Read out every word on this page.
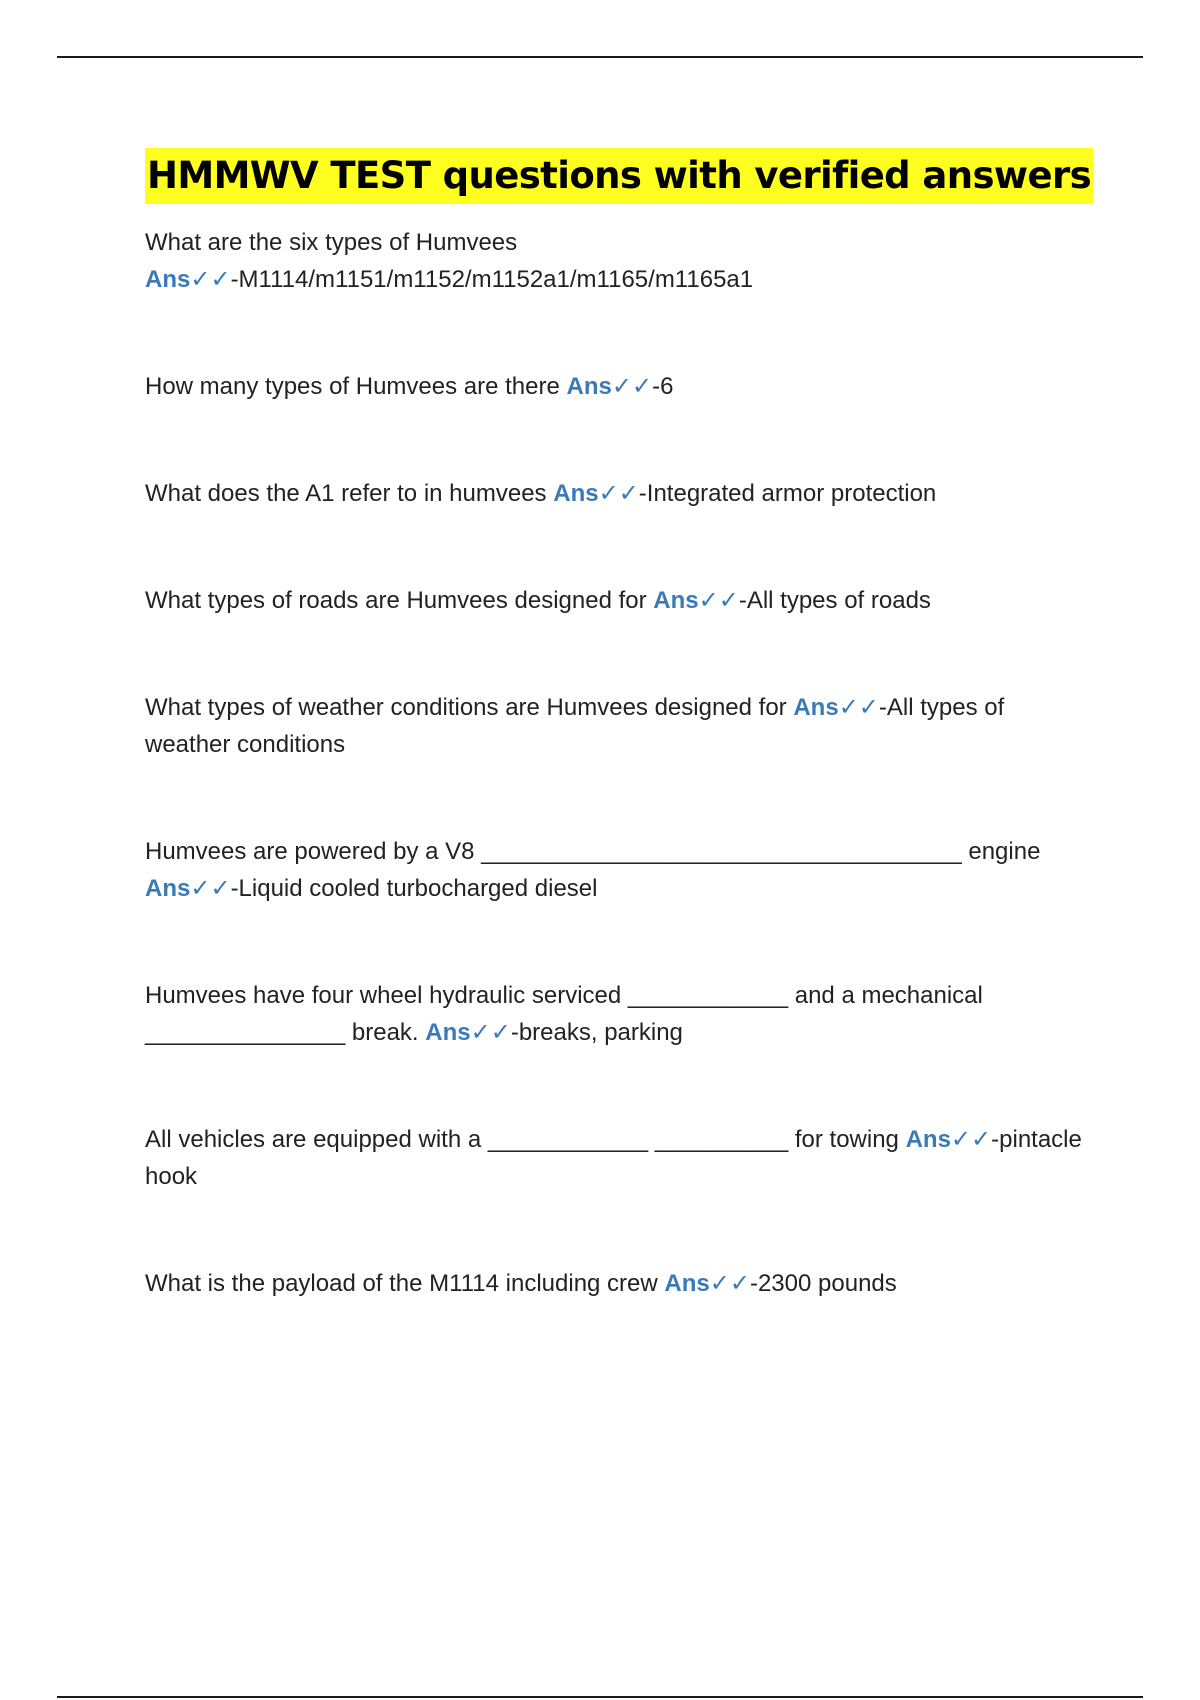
HMMWV TEST questions with verified answers

What are the six types of Humvees
Ans✓✓-M1114/m1151/m1152/m1152a1/m1165/m1165a1

How many types of Humvees are there Ans✓✓-6

What does the A1 refer to in humvees Ans✓✓-Integrated armor protection

What types of roads are Humvees designed for Ans✓✓-All types of roads

What types of weather conditions are Humvees designed for Ans✓✓-All types of weather conditions

Humvees are powered by a V8 ____________________________________ engine Ans✓✓-Liquid cooled turbocharged diesel

Humvees have four wheel hydraulic serviced ____________ and a mechanical _______________ break. Ans✓✓-breaks, parking

All vehicles are equipped with a ____________ __________ for towing Ans✓✓-pintacle hook

What is the payload of the M1114 including crew Ans✓✓-2300 pounds
